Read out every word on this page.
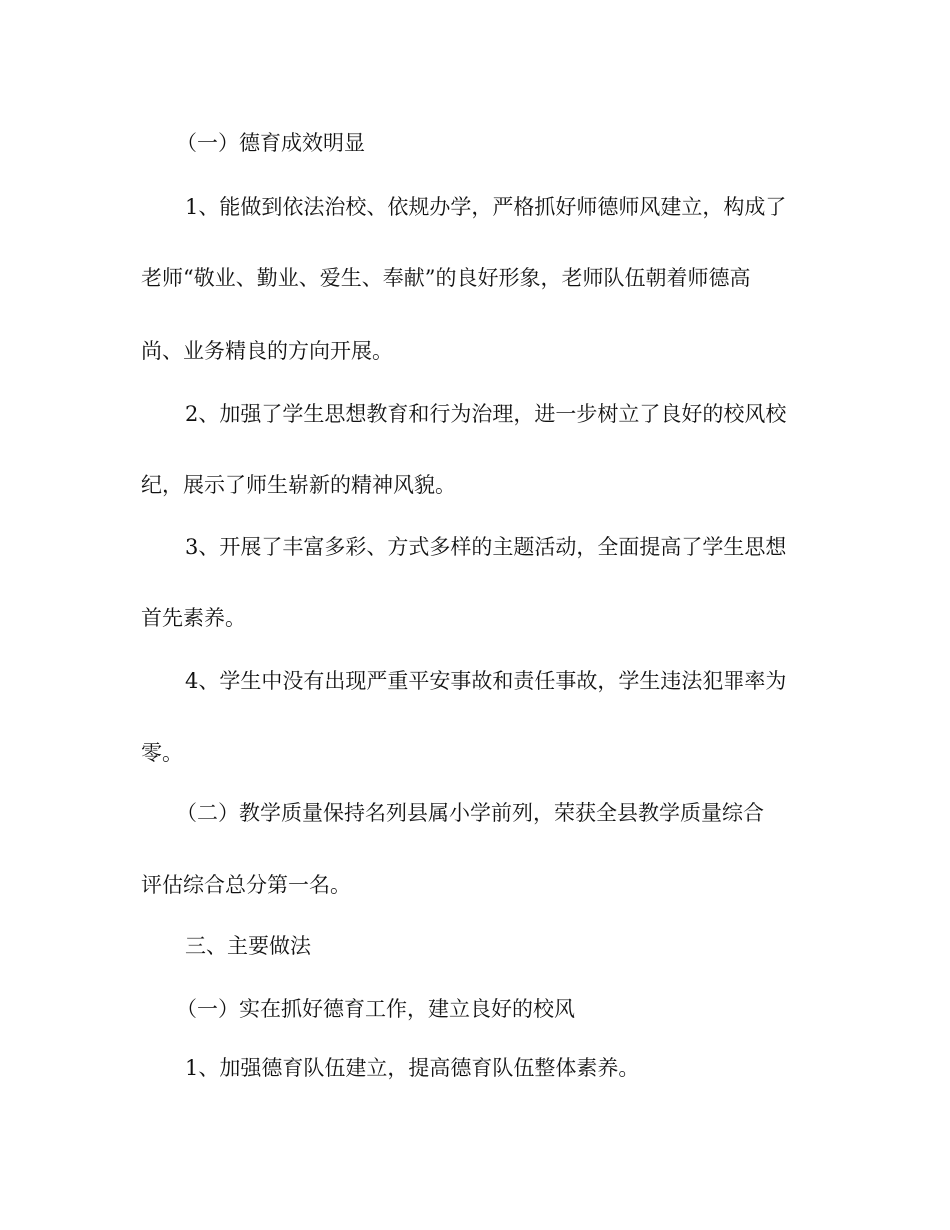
（一）德育成效明显
1、能做到依法治校、依规办学，严格抓好师德师风建立，构成了
老师“敬业、勤业、爱生、奉献”的良好形象，老师队伍朝着师德高
尚、业务精良的方向开展。
2、加强了学生思想教育和行为治理，进一步树立了良好的校风校
纪，展示了师生崭新的精神风貌。
3、开展了丰富多彩、方式多样的主题活动，全面提高了学生思想
首先素养。
4、学生中没有出现严重平安事故和责任事故，学生违法犯罪率为
零。
（二）教学质量保持名列县属小学前列，荣获全县教学质量综合
评估综合总分第一名。
三、主要做法
（一）实在抓好德育工作，建立良好的校风
1、加强德育队伍建立，提高德育队伍整体素养。
